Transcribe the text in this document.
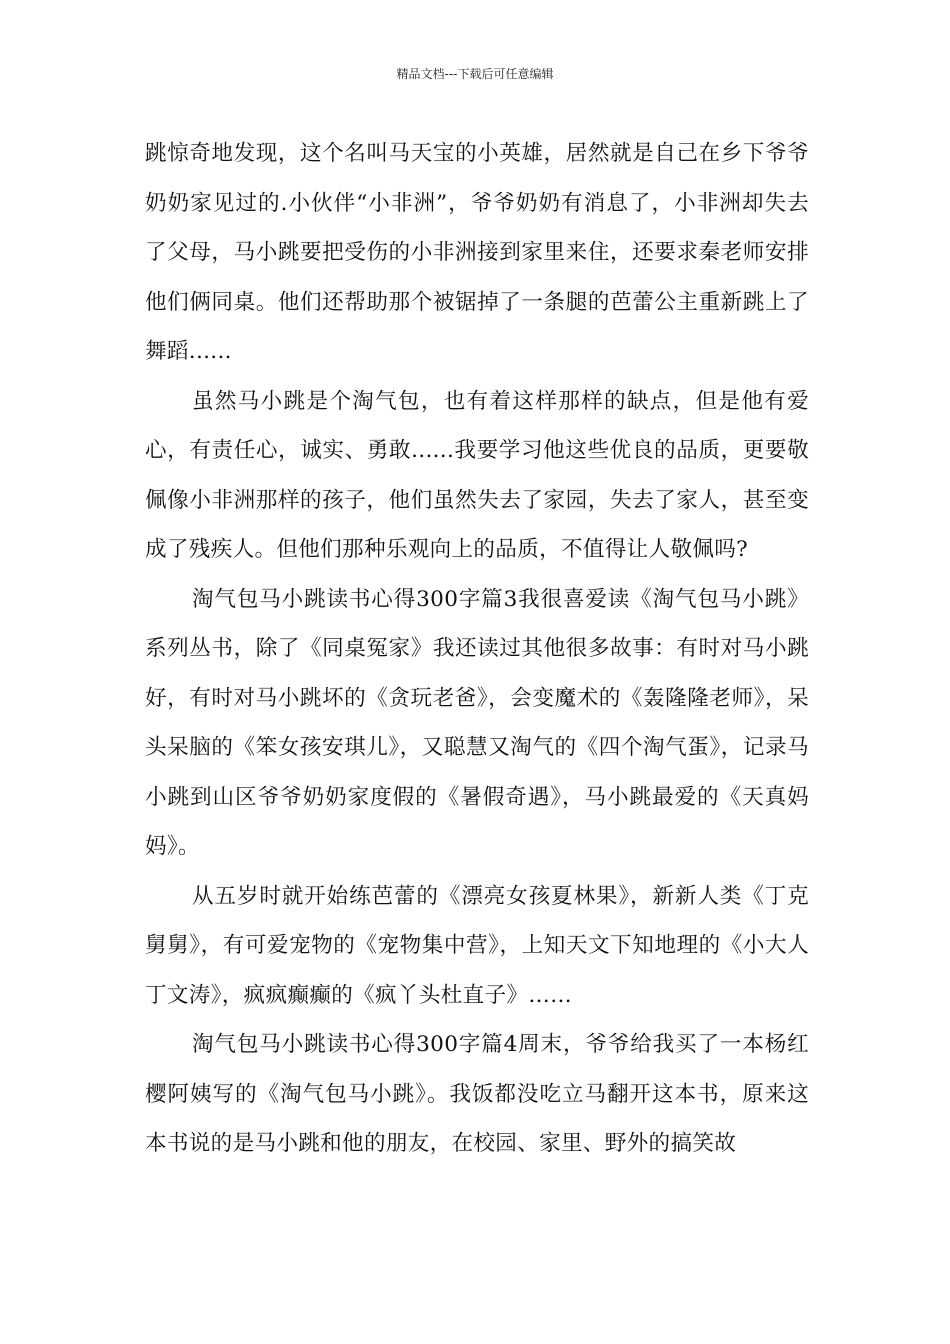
精品文档---下载后可任意编辑

跳惊奇地发现，这个名叫马天宝的小英雄，居然就是自己在乡下爷爷奶奶家见过的.小伙伴“小非洲”，爷爷奶奶有消息了，小非洲却失去了父母，马小跳要把受伤的小非洲接到家里来住，还要求秦老师安排他们俩同桌。他们还帮助那个被锯掉了一条腿的芭蕾公主重新跳上了舞蹈......

虽然马小跳是个淘气包，也有着这样那样的缺点，但是他有爱心，有责任心，诚实、勇敢......我要学习他这些优良的品质，更要敬佩像小非洲那样的孩子，他们虽然失去了家园，失去了家人，甚至变成了残疾人。但他们那种乐观向上的品质，不值得让人敬佩吗?

淘气包马小跳读书心得300字篇3我很喜爱读《淘气包马小跳》系列丛书，除了《同桌冤家》我还读过其他很多故事：有时对马小跳好，有时对马小跳坏的《贪玩老爸》，会变魔术的《轰隆隆老师》，呆头呆脑的《笨女孩安琪儿》，又聪慧又淘气的《四个淘气蛋》，记录马小跳到山区爷爷奶奶家度假的《暑假奇遇》，马小跳最爱的《天真妈妈》。

从五岁时就开始练芭蕾的《漂亮女孩夏林果》，新新人类《丁克舅舅》，有可爱宠物的《宠物集中营》，上知天文下知地理的《小大人丁文涛》，疯疯癫癫的《疯丫头杜直子》……

淘气包马小跳读书心得300字篇4周末，爷爷给我买了一本杨红樱阿姨写的《淘气包马小跳》。我饭都没吃立马翻开这本书，原来这本书说的是马小跳和他的朋友，在校园、家里、野外的搞笑故
